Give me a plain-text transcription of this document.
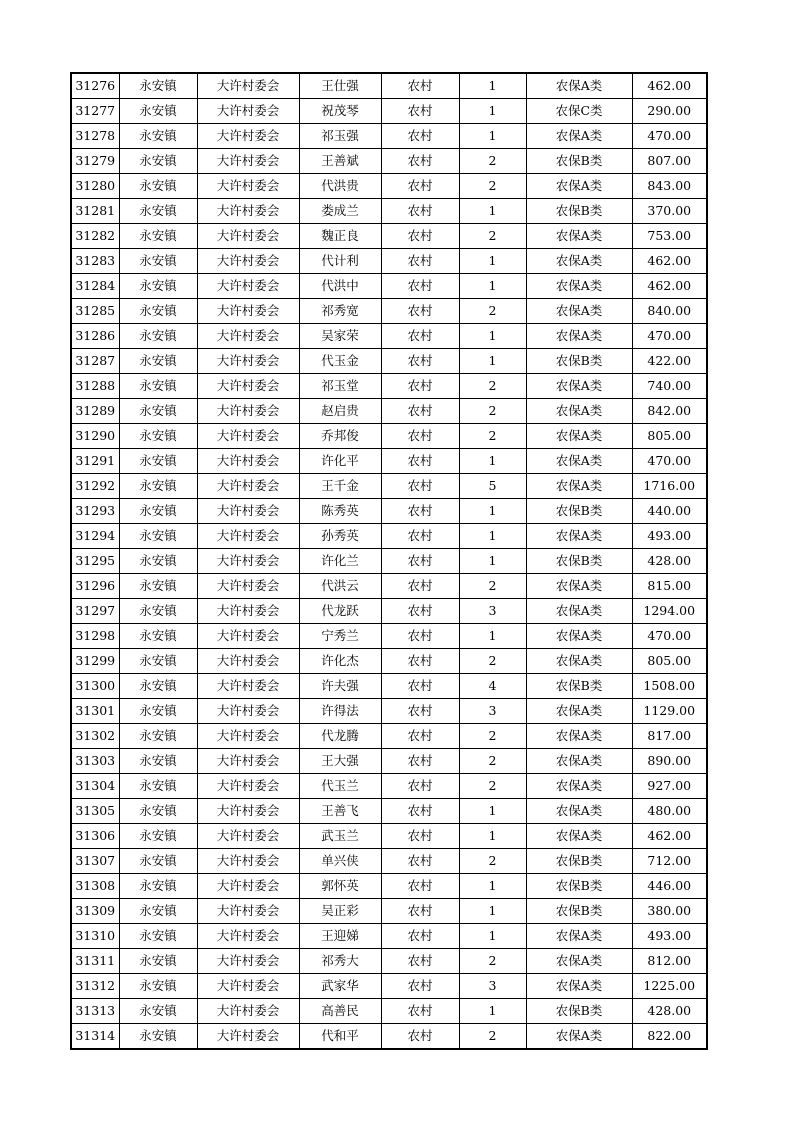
31276	永安镇	大许村委会	王仕强	农村	1	农保A类	462.00
31277	永安镇	大许村委会	祝茂琴	农村	1	农保C类	290.00
31278	永安镇	大许村委会	祁玉强	农村	1	农保A类	470.00
31279	永安镇	大许村委会	王善斌	农村	2	农保B类	807.00
31280	永安镇	大许村委会	代洪贵	农村	2	农保A类	843.00
31281	永安镇	大许村委会	娄成兰	农村	1	农保B类	370.00
31282	永安镇	大许村委会	魏正良	农村	2	农保A类	753.00
31283	永安镇	大许村委会	代计利	农村	1	农保A类	462.00
31284	永安镇	大许村委会	代洪中	农村	1	农保A类	462.00
31285	永安镇	大许村委会	祁秀宽	农村	2	农保A类	840.00
31286	永安镇	大许村委会	吴家荣	农村	1	农保A类	470.00
31287	永安镇	大许村委会	代玉金	农村	1	农保B类	422.00
31288	永安镇	大许村委会	祁玉堂	农村	2	农保A类	740.00
31289	永安镇	大许村委会	赵启贵	农村	2	农保A类	842.00
31290	永安镇	大许村委会	乔邦俊	农村	2	农保A类	805.00
31291	永安镇	大许村委会	许化平	农村	1	农保A类	470.00
31292	永安镇	大许村委会	王千金	农村	5	农保A类	1716.00
31293	永安镇	大许村委会	陈秀英	农村	1	农保B类	440.00
31294	永安镇	大许村委会	孙秀英	农村	1	农保A类	493.00
31295	永安镇	大许村委会	许化兰	农村	1	农保B类	428.00
31296	永安镇	大许村委会	代洪云	农村	2	农保A类	815.00
31297	永安镇	大许村委会	代龙跃	农村	3	农保A类	1294.00
31298	永安镇	大许村委会	宁秀兰	农村	1	农保A类	470.00
31299	永安镇	大许村委会	许化杰	农村	2	农保A类	805.00
31300	永安镇	大许村委会	许夫强	农村	4	农保B类	1508.00
31301	永安镇	大许村委会	许得法	农村	3	农保A类	1129.00
31302	永安镇	大许村委会	代龙腾	农村	2	农保A类	817.00
31303	永安镇	大许村委会	王大强	农村	2	农保A类	890.00
31304	永安镇	大许村委会	代玉兰	农村	2	农保A类	927.00
31305	永安镇	大许村委会	王善飞	农村	1	农保A类	480.00
31306	永安镇	大许村委会	武玉兰	农村	1	农保A类	462.00
31307	永安镇	大许村委会	单兴侠	农村	2	农保B类	712.00
31308	永安镇	大许村委会	郭怀英	农村	1	农保B类	446.00
31309	永安镇	大许村委会	吴正彩	农村	1	农保B类	380.00
31310	永安镇	大许村委会	王迎娣	农村	1	农保A类	493.00
31311	永安镇	大许村委会	祁秀大	农村	2	农保A类	812.00
31312	永安镇	大许村委会	武家华	农村	3	农保A类	1225.00
31313	永安镇	大许村委会	高善民	农村	1	农保B类	428.00
31314	永安镇	大许村委会	代和平	农村	2	农保A类	822.00
